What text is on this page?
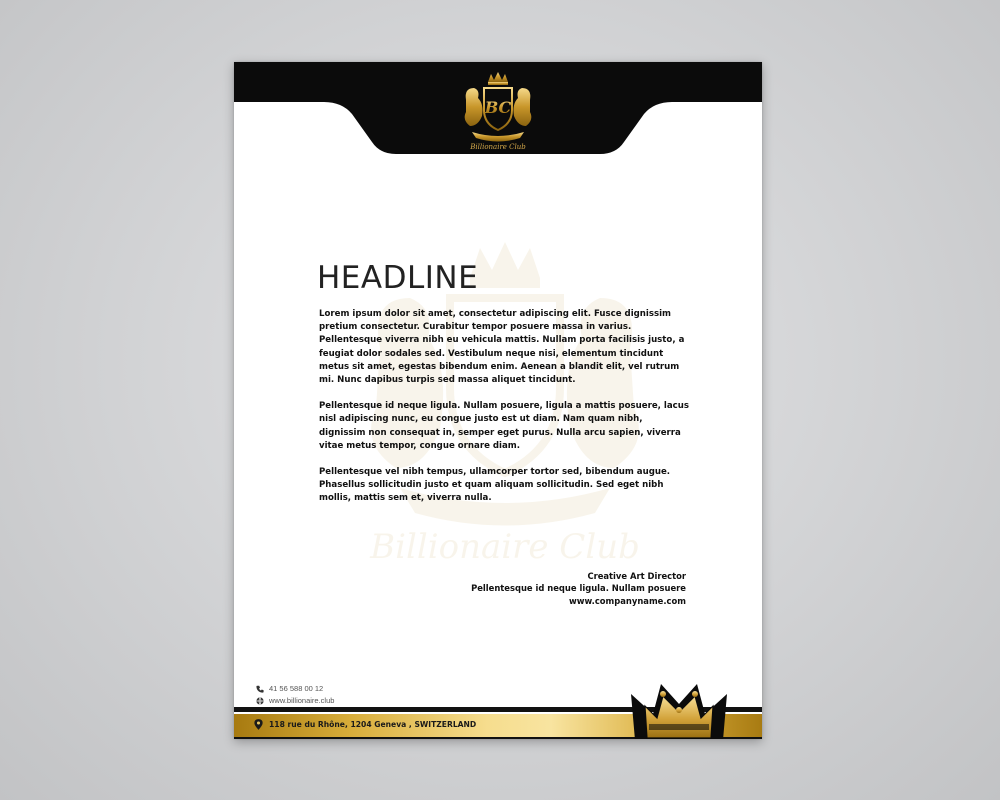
BC
Billionaire Club
Billionaire Club
HEADLINE

Lorem ipsum dolor sit amet, consectetur adipiscing elit. Fusce dignissim pretium consectetur. Curabitur tempor posuere massa in varius. Pellentesque viverra nibh eu vehicula mattis. Nullam porta facilisis justo, a feugiat dolor sodales sed. Vestibulum neque nisi, elementum tincidunt metus sit amet, egestas bibendum enim. Aenean a blandit elit, vel rutrum mi. Nunc dapibus turpis sed massa aliquet tincidunt.

Pellentesque id neque ligula. Nullam posuere, ligula a mattis posuere, lacus nisl adipiscing nunc, eu congue justo est ut diam. Nam quam nibh, dignissim non consequat in, semper eget purus. Nulla arcu sapien, viverra vitae metus tempor, congue ornare diam.

Pellentesque vel nibh tempus, ullamcorper tortor sed, bibendum augue. Phasellus sollicitudin justo et quam aliquam sollicitudin. Sed eget nibh mollis, mattis sem et, viverra nulla.

Creative Art Director
Pellentesque id neque ligula. Nullam posuere
www.companyname.com
41 56 588 00 12
www.billionaire.club
118 rue du Rhône, 1204 Geneva , SWITZERLAND
